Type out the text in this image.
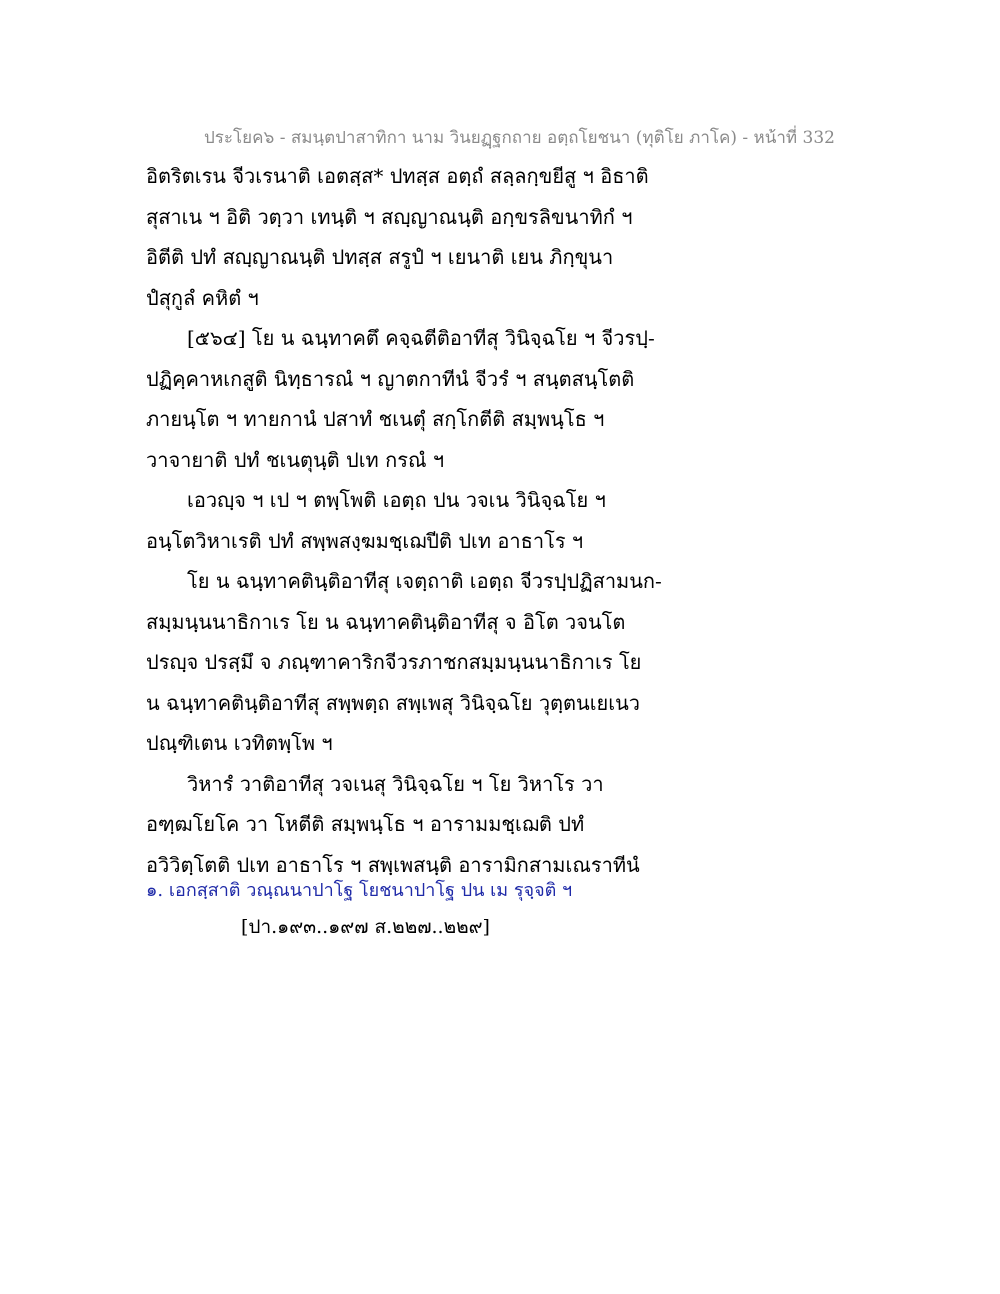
ประโยค๖ - สมนฺตปาสาทิกา นาม วินยฏฺฐกถาย อตฺถโยชนา (ทุติโย ภาโค) - หน้าที่ 332
อิตริตเรน จีวเรนาติ เอตสฺส* ปทสฺส อตฺถํ สลฺลกฺขยีสู ฯ อิธาติ
สุสาเน ฯ อิติ วตฺวา เทนฺติ ฯ สญฺญาณนฺติ อกฺขรลิขนาทิกํ ฯ
อิตีติ ปทํ สญฺญาณนฺติ ปทสฺส สรูปํ ฯ เยนาติ เยน ภิกฺขุนา
ปํสุกูลํ คหิตํ ฯ
[๕๖๔] โย น ฉนฺทาคตึ คจฺฉตีติอาทีสุ วินิจฺฉโย ฯ จีวรปฺ-
ปฏิคฺคาหเกสูติ นิทฺธารณํ ฯ ญาตกาทีนํ จีวรํ ฯ สนฺตสนฺโตติ
ภายนฺโต ฯ ทายกานํ ปสาทํ ชเนตุํ สกฺโกตีติ สมฺพนฺโธ ฯ
วาจายาติ ปทํ ชเนตุนฺติ ปเท กรณํ ฯ
เอวญฺจ ฯ เป ฯ ตพฺโพติ เอตฺถ ปน วจเน วินิจฺฉโย ฯ
อนฺโตวิหาเรติ ปทํ สพฺพสงฺฆมชฺเฌปีติ ปเท อาธาโร ฯ
โย น ฉนฺทาคตินฺติอาทีสุ เจตฺถาติ เอตฺถ จีวรปฺปฏิสามนก-
สมฺมนฺนนาธิกาเร โย น ฉนฺทาคตินฺติอาทีสุ จ อิโต วจนโต
ปรญฺจ ปรสฺมึ จ ภณฺฑาคาริกจีวรภาชกสมฺมนฺนนาธิกาเร โย
น ฉนฺทาคตินฺติอาทีสุ สพฺพตฺถ สพฺเพสุ วินิจฺฉโย วุตฺตนเยเนว
ปณฺฑิเตน เวทิตพฺโพ ฯ
วิหารํ วาติอาทีสุ วจเนสุ วินิจฺฉโย ฯ โย วิหาโร วา
อฑฺฒโยโค วา โหตีติ สมฺพนฺโธ ฯ อารามมชฺเฌติ ปทํ
อวิวิตฺโตติ ปเท อาธาโร ฯ สพฺเพสนฺติ อารามิกสามเณราทีนํ
๑. เอกสฺสาติ วณฺณนาปาโฐ โยชนาปาโฐ ปน เม รุจฺจติ ฯ
[ปา.๑๙๓..๑๙๗ ส.๒๒๗..๒๒๙]
